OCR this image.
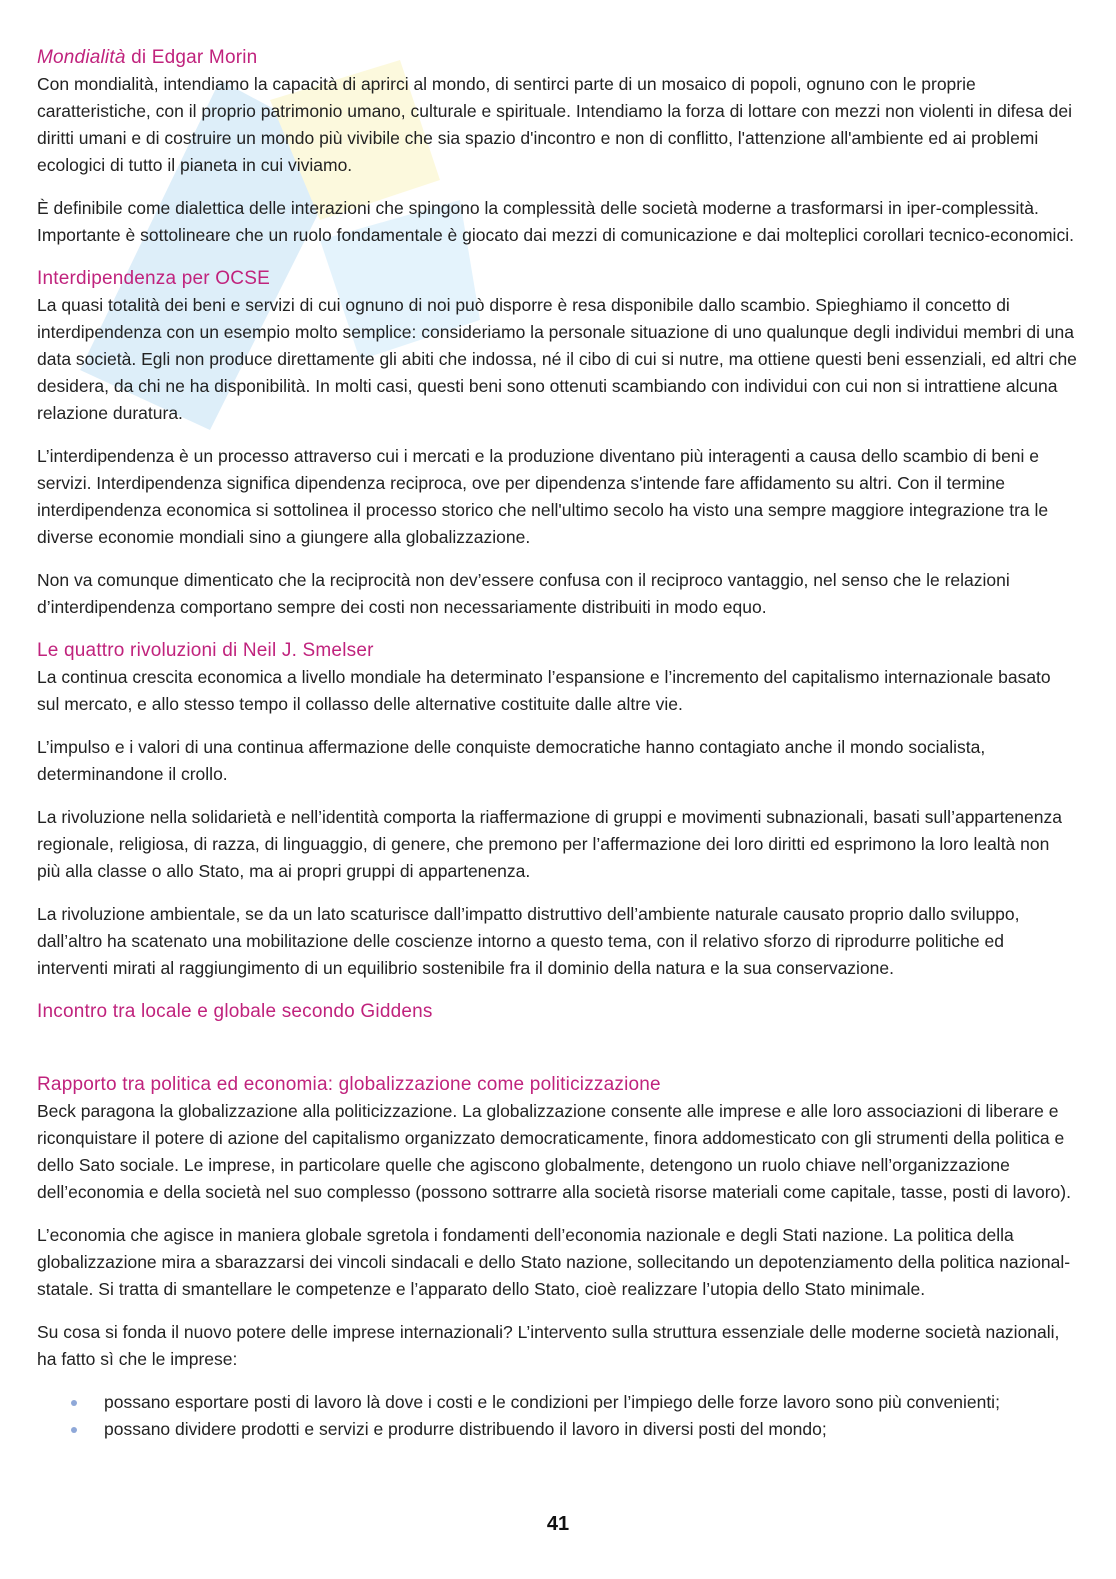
Mondialità di Edgar Morin

Con mondialità, intendiamo la capacità di aprirci al mondo, di sentirci parte di un mosaico di popoli, ognuno con le proprie caratteristiche, con il proprio patrimonio umano, culturale e spirituale. Intendiamo la forza di lottare con mezzi non violenti in difesa dei diritti umani e di costruire un mondo più vivibile che sia spazio d'incontro e non di conflitto, l'attenzione all'ambiente ed ai problemi ecologici di tutto il pianeta in cui viviamo.

È definibile come dialettica delle interazioni che spingono la complessità delle società moderne a trasformarsi in iper-complessità. Importante è sottolineare che un ruolo fondamentale è giocato dai mezzi di comunicazione e dai molteplici corollari tecnico-economici.

Interdipendenza per OCSE

La quasi totalità dei beni e servizi di cui ognuno di noi può disporre è resa disponibile dallo scambio. Spieghiamo il concetto di interdipendenza con un esempio molto semplice: consideriamo la personale situazione di uno qualunque degli individui membri di una data società. Egli non produce direttamente gli abiti che indossa, né il cibo di cui si nutre, ma ottiene questi beni essenziali, ed altri che desidera, da chi ne ha disponibilità. In molti casi, questi beni sono ottenuti scambiando con individui con cui non si intrattiene alcuna relazione duratura.

L’interdipendenza è un processo attraverso cui i mercati e la produzione diventano più interagenti a causa dello scambio di beni e servizi. Interdipendenza significa dipendenza reciproca, ove per dipendenza s'intende fare affidamento su altri. Con il termine interdipendenza economica si sottolinea il processo storico che nell'ultimo secolo ha visto una sempre maggiore integrazione tra le diverse economie mondiali sino a giungere alla globalizzazione.

Non va comunque dimenticato che la reciprocità non dev’essere confusa con il reciproco vantaggio, nel senso che le relazioni d’interdipendenza comportano sempre dei costi non necessariamente distribuiti in modo equo.

Le quattro rivoluzioni di Neil J. Smelser

La continua crescita economica a livello mondiale ha determinato l’espansione e l’incremento del capitalismo internazionale basato sul mercato, e allo stesso tempo il collasso delle alternative costituite dalle altre vie.

L’impulso e i valori di una continua affermazione delle conquiste democratiche hanno contagiato anche il mondo socialista, determinandone il crollo.

La rivoluzione nella solidarietà e nell’identità comporta la riaffermazione di gruppi e movimenti subnazionali, basati sull’appartenenza regionale, religiosa, di razza, di linguaggio, di genere, che premono per l’affermazione dei loro diritti ed esprimono la loro lealtà non più alla classe o allo Stato, ma ai propri gruppi di appartenenza.

La rivoluzione ambientale, se da un lato scaturisce dall’impatto distruttivo dell’ambiente naturale causato proprio dallo sviluppo, dall’altro ha scatenato una mobilitazione delle coscienze intorno a questo tema, con il relativo sforzo di riprodurre politiche ed interventi mirati al raggiungimento di un equilibrio sostenibile fra il dominio della natura e la sua conservazione.

Incontro tra locale e globale secondo Giddens
Rapporto tra politica ed economia: globalizzazione come politicizzazione

Beck paragona la globalizzazione alla politicizzazione. La globalizzazione consente alle imprese e alle loro associazioni di liberare e riconquistare il potere di azione del capitalismo organizzato democraticamente, finora addomesticato con gli strumenti della politica e dello Sato sociale. Le imprese, in particolare quelle che agiscono globalmente, detengono un ruolo chiave nell’organizzazione dell’economia e della società nel suo complesso (possono sottrarre alla società risorse materiali come capitale, tasse, posti di lavoro).

L’economia che agisce in maniera globale sgretola i fondamenti dell’economia nazionale e degli Stati nazione. La politica della globalizzazione mira a sbarazzarsi dei vincoli sindacali e dello Stato nazione, sollecitando un depotenziamento della politica nazional-statale. Si tratta di smantellare le competenze e l’apparato dello Stato, cioè realizzare l’utopia dello Stato minimale.

Su cosa si fonda il nuovo potere delle imprese internazionali? L’intervento sulla struttura essenziale delle moderne società nazionali, ha fatto sì che le imprese:

possano esportare posti di lavoro là dove i costi e le condizioni per l’impiego delle forze lavoro sono più convenienti;
possano dividere prodotti e servizi e produrre distribuendo il lavoro in diversi posti del mondo;
41
